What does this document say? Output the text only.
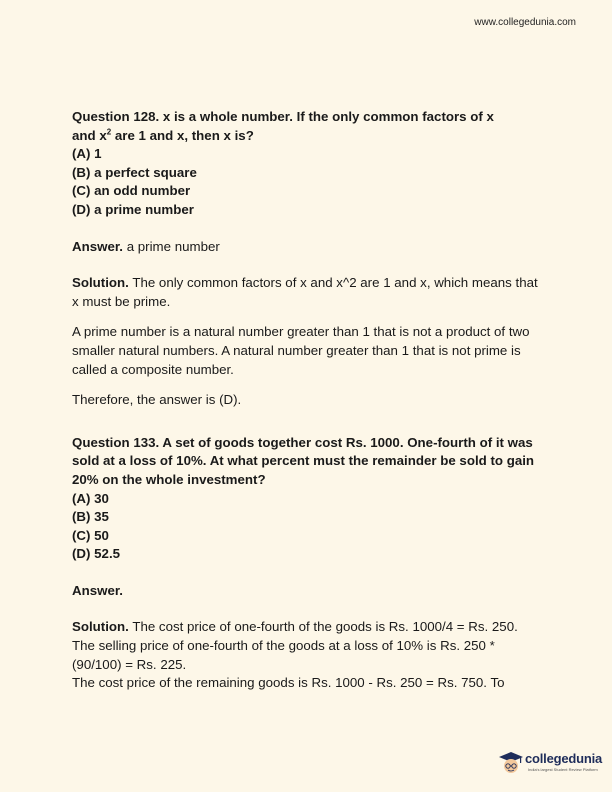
www.collegedunia.com

Question 128. x is a whole number. If the only common factors of x

and $x^2$ are 1 and x, then x is?

(A) 1

(B) a perfect square

(C) an odd number

(D) a prime number

Answer. a prime number

Solution. The only common factors of x and x^2 are 1 and x, which means that x must be prime.

A prime number is a natural number greater than 1 that is not a product of two smaller natural numbers. A natural number greater than 1 that is not prime is called a composite number.

Therefore, the answer is (D).

Question 133. A set of goods together cost Rs. 1000. One-fourth of it was sold at a loss of 10%. At what percent must the remainder be sold to gain 20% on the whole investment?

(A) 30

(B) 35

(C) 50

(D) 52.5

Answer.

Solution. The cost price of one-fourth of the goods is Rs. 1000/4 = Rs. 250.

The selling price of one-fourth of the goods at a loss of 10% is Rs. 250 * (90/100) = Rs. 225.

The cost price of the remaining goods is Rs. 1000 - Rs. 250 = Rs. 750. To

collegedunia
India's largest Student Review Platform
